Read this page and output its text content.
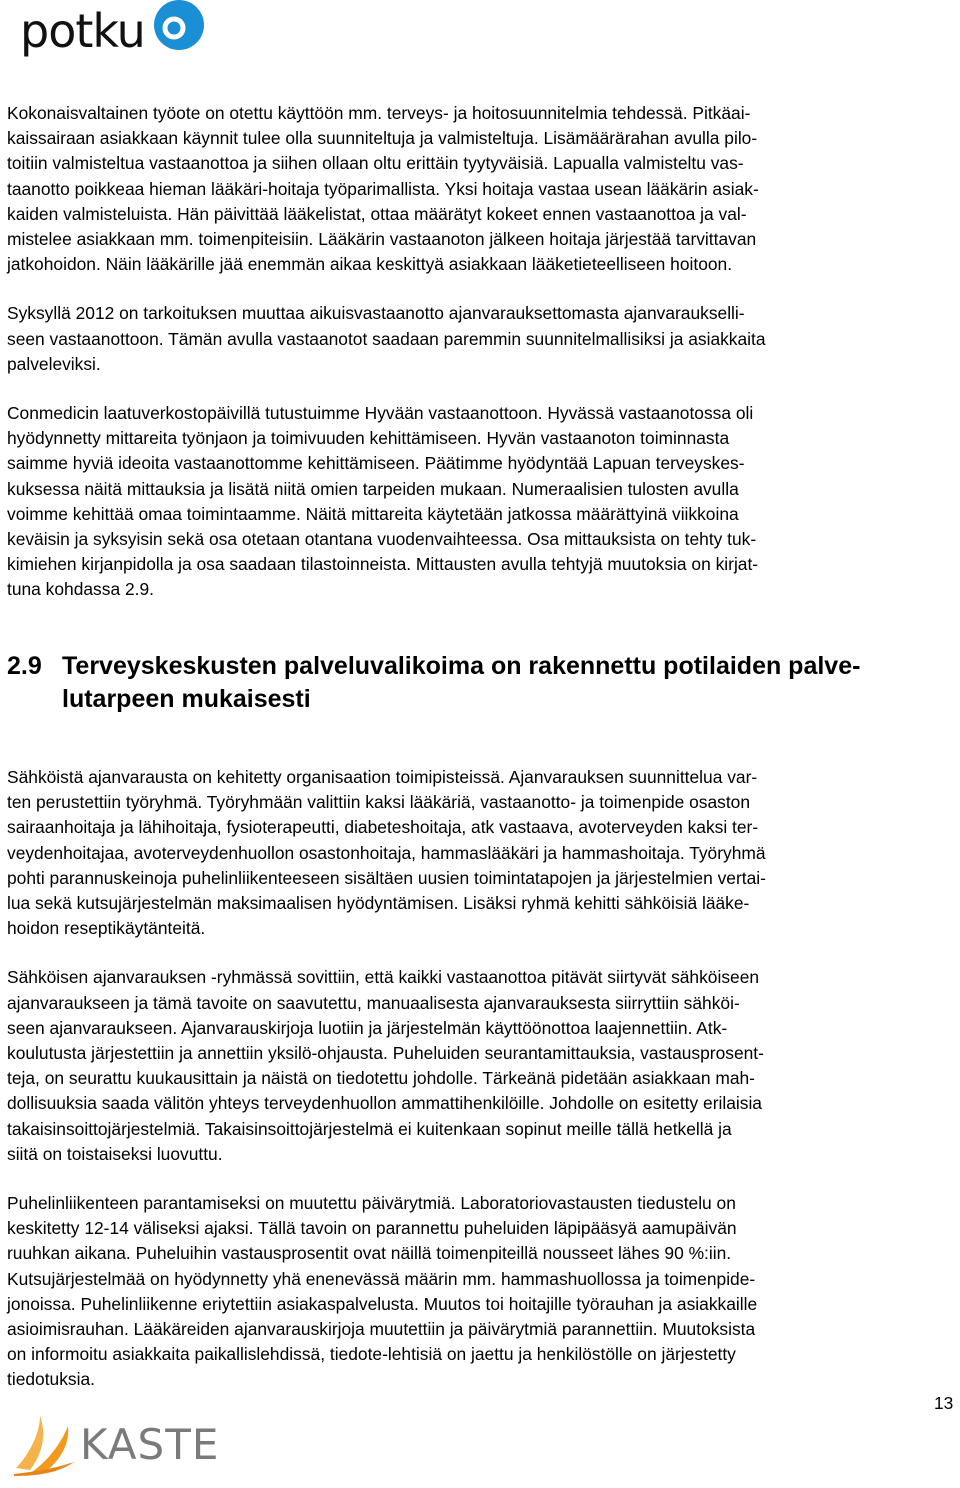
potku

Kokonaisvaltainen työote on otettu käyttöön mm. terveys- ja hoitosuunnitelmia tehdessä. Pitkäai-
kaissairaan asiakkaan käynnit tulee olla suunniteltuja ja valmisteltuja. Lisämäärärahan avulla pilo-
toitiin valmisteltua vastaanottoa ja siihen ollaan oltu erittäin tyytyväisiä. Lapualla valmisteltu vas-
taanotto poikkeaa hieman lääkäri-hoitaja työparimallista. Yksi hoitaja vastaa usean lääkärin asiak-
kaiden valmisteluista. Hän päivittää lääkelistat, ottaa määrätyt kokeet ennen vastaanottoa ja val-
mistelee asiakkaan mm. toimenpiteisiin. Lääkärin vastaanoton jälkeen hoitaja järjestää tarvittavan
jatkohoidon. Näin lääkärille jää enemmän aikaa keskittyä asiakkaan lääketieteelliseen hoitoon.

Syksyllä 2012 on tarkoituksen muuttaa aikuisvastaanotto ajanvarauksettomasta ajanvaraukselli-
seen vastaanottoon. Tämän avulla vastaanotot saadaan paremmin suunnitelmallisiksi ja asiakkaita
palveleviksi.

Conmedicin laatuverkostopäivillä tutustuimme Hyvään vastaanottoon. Hyvässä vastaanotossa oli
hyödynnetty mittareita työnjaon ja toimivuuden kehittämiseen. Hyvän vastaanoton toiminnasta
saimme hyviä ideoita vastaanottomme kehittämiseen. Päätimme hyödyntää Lapuan terveyskes-
kuksessa näitä mittauksia ja lisätä niitä omien tarpeiden mukaan. Numeraalisien tulosten avulla
voimme kehittää omaa toimintaamme. Näitä mittareita käytetään jatkossa määrättyinä viikkoina
keväisin ja syksyisin sekä osa otetaan otantana vuodenvaihteessa. Osa mittauksista on tehty tuk-
kimiehen kirjanpidolla ja osa saadaan tilastoinneista. Mittausten avulla tehtyjä muutoksia on kirjat-
tuna kohdassa 2.9.

2.9 Terveyskeskusten palveluvalikoima on rakennettu potilaiden palve-
lutarpeen mukaisesti

Sähköistä ajanvarausta on kehitetty organisaation toimipisteissä. Ajanvarauksen suunnittelua var-
ten perustettiin työryhmä. Työryhmään valittiin kaksi lääkäriä, vastaanotto- ja toimenpide osaston
sairaanhoitaja ja lähihoitaja, fysioterapeutti, diabeteshoitaja, atk vastaava, avoterveyden kaksi ter-
veydenhoitajaa, avoterveydenhuollon osastonhoitaja, hammaslääkäri ja hammashoitaja. Työryhmä
pohti parannuskeinoja puhelinliikenteeseen sisältäen uusien toimintatapojen ja järjestelmien vertai-
lua sekä kutsujärjestelmän maksimaalisen hyödyntämisen. Lisäksi ryhmä kehitti sähköisiä lääke-
hoidon reseptikäytänteitä.

Sähköisen ajanvarauksen -ryhmässä sovittiin, että kaikki vastaanottoa pitävät siirtyvät sähköiseen
ajanvaraukseen ja tämä tavoite on saavutettu, manuaalisesta ajanvarauksesta siirryttiin sähköi-
seen ajanvaraukseen. Ajanvarauskirjoja luotiin ja järjestelmän käyttöönottoa laajennettiin. Atk-
koulutusta järjestettiin ja annettiin yksilö-ohjausta. Puheluiden seurantamittauksia, vastausprosent-
teja, on seurattu kuukausittain ja näistä on tiedotettu johdolle. Tärkeänä pidetään asiakkaan mah-
dollisuuksia saada välitön yhteys terveydenhuollon ammattihenkilöille. Johdolle on esitetty erilaisia
takaisinsoittojärjestelmiä. Takaisinsoittojärjestelmä ei kuitenkaan sopinut meille tällä hetkellä ja
siitä on toistaiseksi luovuttu.

Puhelinliikenteen parantamiseksi on muutettu päivärytmiä. Laboratoriovastausten tiedustelu on
keskitetty 12-14 väliseksi ajaksi. Tällä tavoin on parannettu puheluiden läpipääsyä aamupäivän
ruuhkan aikana. Puheluihin vastausprosentit ovat näillä toimenpiteillä nousseet lähes 90 %:iin.
Kutsujärjestelmää on hyödynnetty yhä enenevässä määrin mm. hammashuollossa ja toimenpide-
jonoissa. Puhelinliikenne eriytettiin asiakaspalvelusta. Muutos toi hoitajille työrauhan ja asiakkaille
asioimisrauhan. Lääkäreiden ajanvarauskirjoja muutettiin ja päivärytmiä parannettiin. Muutoksista
on informoitu asiakkaita paikallislehdissä, tiedote-lehtisiä on jaettu ja henkilöstölle on järjestetty
tiedotuksia.

13
KASTE
